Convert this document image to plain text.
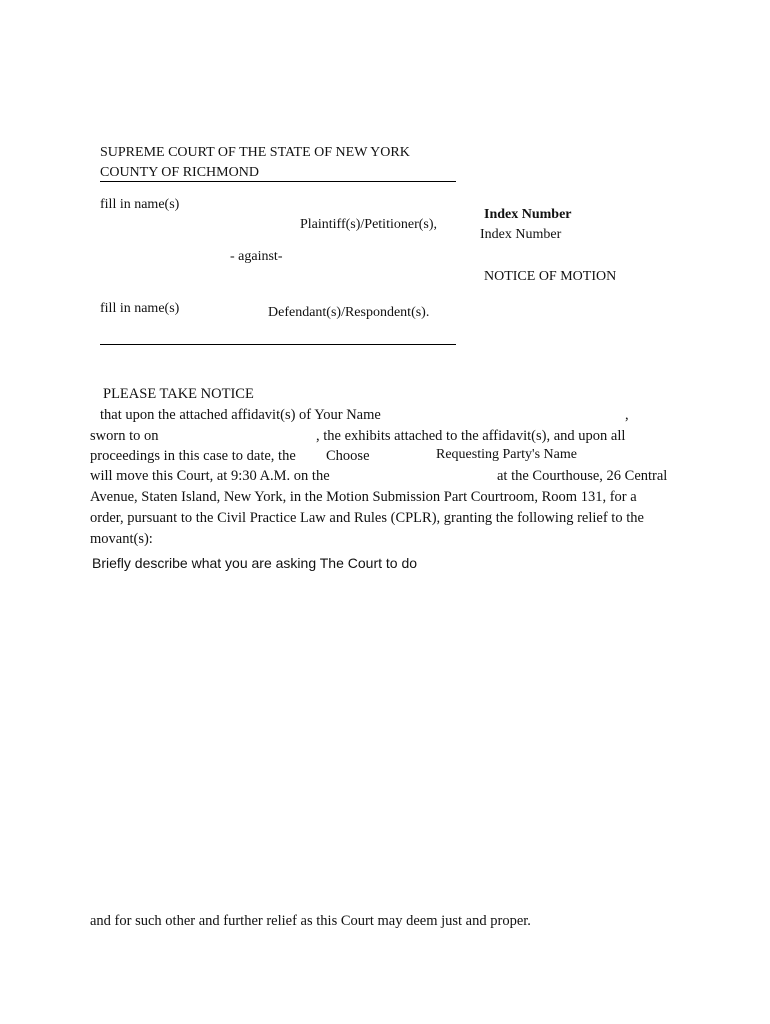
SUPREME COURT OF THE STATE OF NEW YORK
COUNTY OF RICHMOND
fill in name(s)
Plaintiff(s)/Petitioner(s),
- against-
fill in name(s)	Defendant(s)/Respondent(s).
Index Number
Index Number
NOTICE OF MOTION
PLEASE TAKE NOTICE
that upon the attached affidavit(s) of Your Name	,
sworn to on	, the exhibits attached to the affidavit(s), and upon all
proceedings in this case to date, the Choose	Requesting Party's Name
will move this Court, at 9:30 A.M. on the	at the Courthouse, 26 Central
Avenue, Staten Island, New York, in the Motion Submission Part Courtroom, Room 131, for a
order, pursuant to the Civil Practice Law and Rules (CPLR), granting the following relief to the
movant(s):
Briefly describe what you are asking The Court to do
and for such other and further relief as this Court may deem just and proper.
